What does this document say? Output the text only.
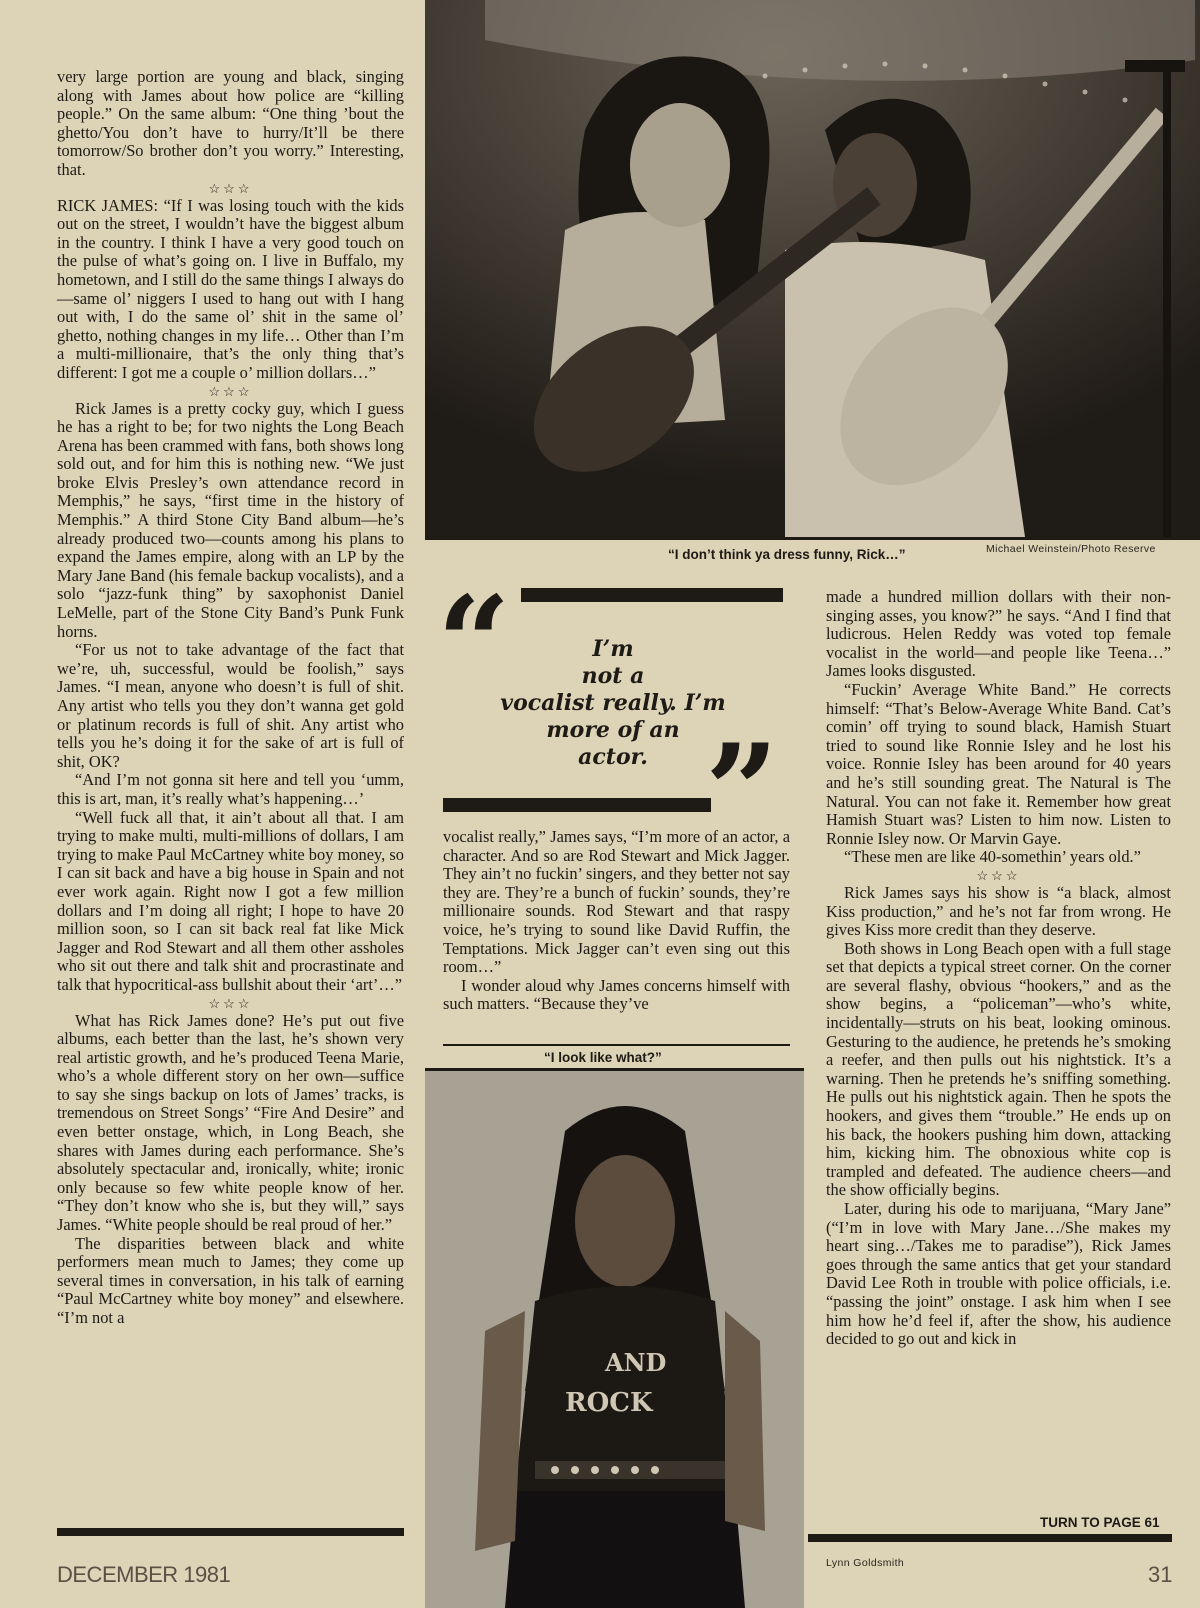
“I don’t think ya dress funny, Rick…”	Michael Weinstein/Photo Reserve

very large portion are young and black, singing along with James about how police are “killing people.” On the same album: “One thing ’bout the ghetto/You don’t have to hurry/It’ll be there tomorrow/So brother don’t you worry.” Interesting, that.

☆☆☆

RICK JAMES: “If I was losing touch with the kids out on the street, I wouldn’t have the biggest album in the country. I think I have a very good touch on the pulse of what’s going on. I live in Buffalo, my hometown, and I still do the same things I always do—same ol’ niggers I used to hang out with I hang out with, I do the same ol’ shit in the same ol’ ghetto, nothing changes in my life… Other than I’m a multi-millionaire, that’s the only thing that’s different: I got me a couple o’ million dollars…”

☆☆☆

Rick James is a pretty cocky guy, which I guess he has a right to be; for two nights the Long Beach Arena has been crammed with fans, both shows long sold out, and for him this is nothing new. “We just broke Elvis Presley’s own attendance record in Memphis,” he says, “first time in the history of Memphis.” A third Stone City Band album—he’s already produced two—counts among his plans to expand the James empire, along with an LP by the Mary Jane Band (his female backup vocalists), and a solo “jazz-funk thing” by saxophonist Daniel LeMelle, part of the Stone City Band’s Punk Funk horns.

“For us not to take advantage of the fact that we’re, uh, successful, would be foolish,” says James. “I mean, anyone who doesn’t is full of shit. Any artist who tells you they don’t wanna get gold or platinum records is full of shit. Any artist who tells you he’s doing it for the sake of art is full of shit, OK?

“And I’m not gonna sit here and tell you ‘umm, this is art, man, it’s really what’s happening…’

“Well fuck all that, it ain’t about all that. I am trying to make multi, multi-millions of dollars, I am trying to make Paul McCartney white boy money, so I can sit back and have a big house in Spain and not ever work again. Right now I got a few million dollars and I’m doing all right; I hope to have 20 million soon, so I can sit back real fat like Mick Jagger and Rod Stewart and all them other assholes who sit out there and talk shit and procrastinate and talk that hypocritical-ass bullshit about their ‘art’…”

☆☆☆

What has Rick James done? He’s put out five albums, each better than the last, he’s shown very real artistic growth, and he’s produced Teena Marie, who’s a whole different story on her own—suffice to say she sings backup on lots of James’ tracks, is tremendous on Street Songs’ “Fire And Desire” and even better onstage, which, in Long Beach, she shares with James during each performance. She’s absolutely spectacular and, ironically, white; ironic only because so few white people know of her. “They don’t know who she is, but they will,” says James. “White people should be real proud of her.”

The disparities between black and white performers mean much to James; they come up several times in conversation, in his talk of earning “Paul McCartney white boy money” and elsewhere. “I’m not a

“	I’m
not a
vocalist really. I’m
more of an
actor. ”

vocalist really,” James says, “I’m more of an actor, a character. And so are Rod Stewart and Mick Jagger. They ain’t no fuckin’ singers, and they better not say they are. They’re a bunch of fuckin’ sounds, they’re millionaire sounds. Rod Stewart and that raspy voice, he’s trying to sound like David Ruffin, the Temptations. Mick Jagger can’t even sing out this room…”

I wonder aloud why James concerns himself with such matters. “Because they’ve

“I look like what?”
AND
ROCK

made a hundred million dollars with their non-singing asses, you know?” he says. “And I find that ludicrous. Helen Reddy was voted top female vocalist in the world—and people like Teena…” James looks disgusted.

“Fuckin’ Average White Band.” He corrects himself: “That’s Below-Average White Band. Cat’s comin’ off trying to sound black, Hamish Stuart tried to sound like Ronnie Isley and he lost his voice. Ronnie Isley has been around for 40 years and he’s still sounding great. The Natural is The Natural. You can not fake it. Remember how great Hamish Stuart was? Listen to him now. Listen to Ronnie Isley now. Or Marvin Gaye.

“These men are like 40-somethin’ years old.”

☆☆☆

Rick James says his show is “a black, almost Kiss production,” and he’s not far from wrong. He gives Kiss more credit than they deserve.

Both shows in Long Beach open with a full stage set that depicts a typical street corner. On the corner are several flashy, obvious “hookers,” and as the show begins, a “policeman”—who’s white, incidentally—struts on his beat, looking ominous. Gesturing to the audience, he pretends he’s smoking a reefer, and then pulls out his nightstick. It’s a warning. Then he pretends he’s sniffing something. He pulls out his nightstick again. Then he spots the hookers, and gives them “trouble.” He ends up on his back, the hookers pushing him down, attacking him, kicking him. The obnoxious white cop is trampled and defeated. The audience cheers—and the show officially begins.

Later, during his ode to marijuana, “Mary Jane” (“I’m in love with Mary Jane…/She makes my heart sing…/Takes me to paradise”), Rick James goes through the same antics that get your standard David Lee Roth in trouble with police officials, i.e. “passing the joint” onstage. I ask him when I see him how he’d feel if, after the show, his audience decided to go out and kick in

TURN TO PAGE 61
Lynn Goldsmith
DECEMBER 1981	31
